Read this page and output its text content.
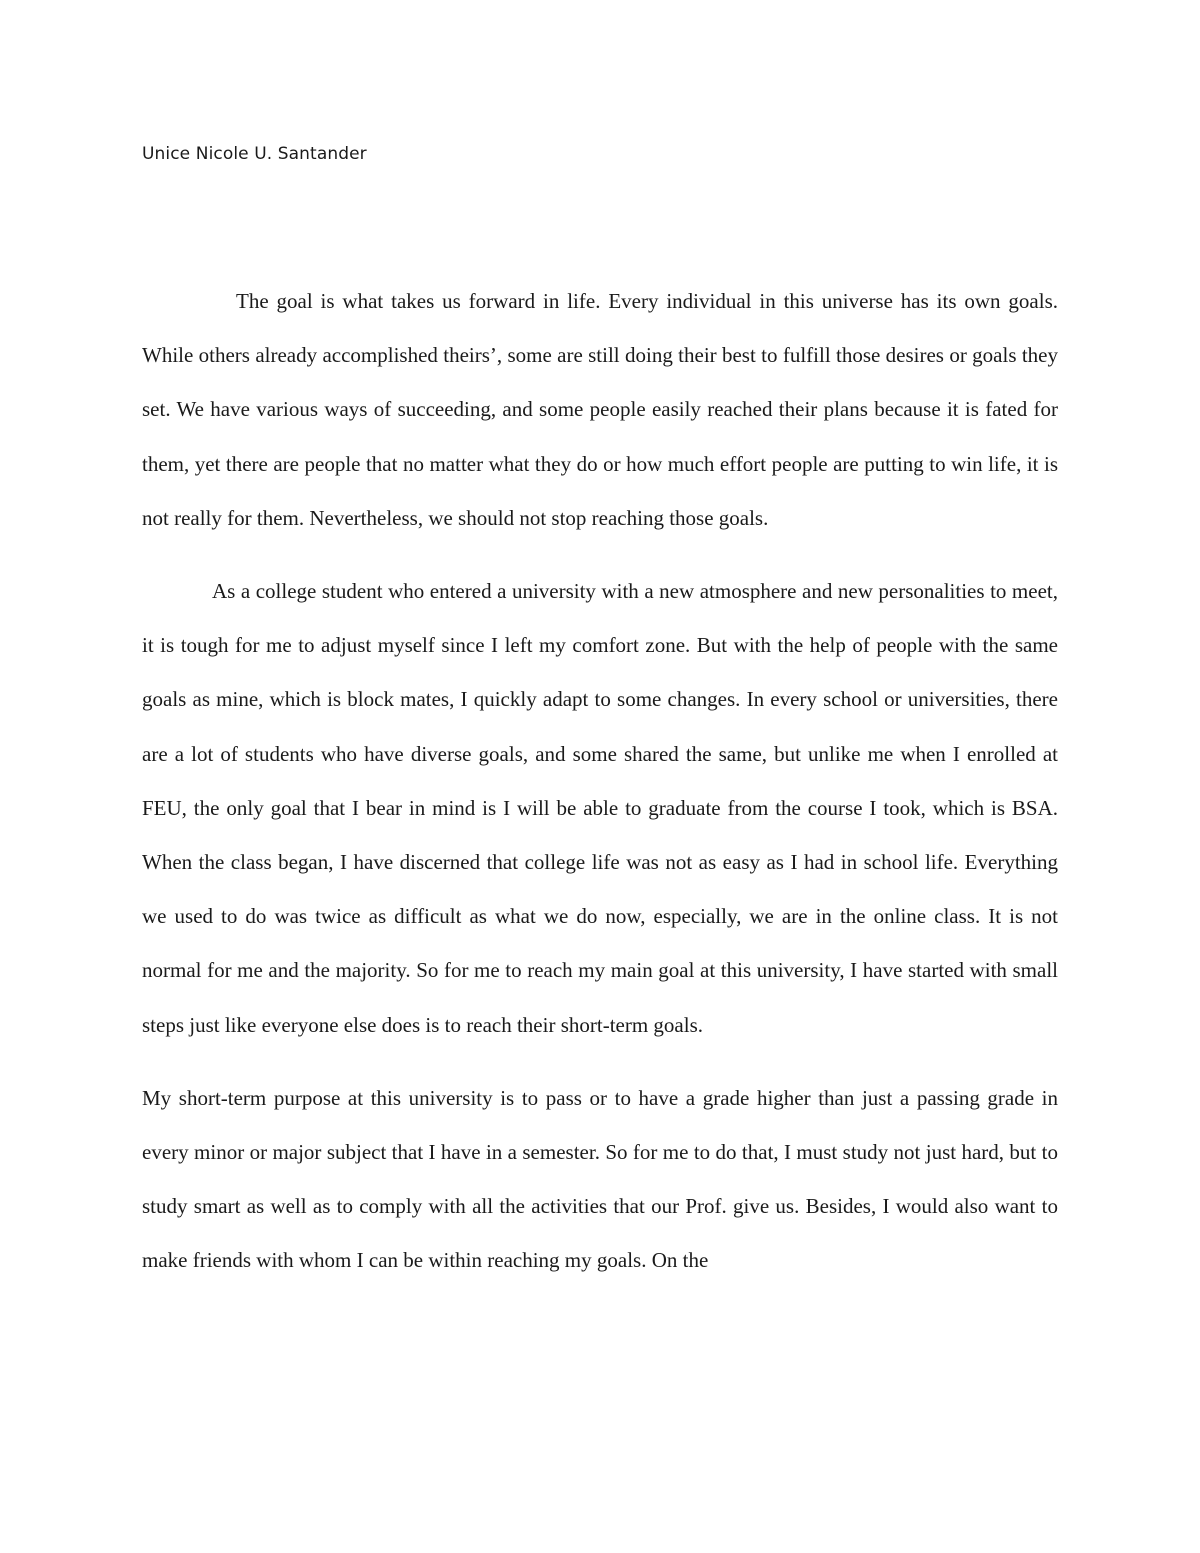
Unice Nicole U. Santander

The goal is what takes us forward in life. Every individual in this universe has its own goals. While others already accomplished theirs’, some are still doing their best to fulfill those desires or goals they set. We have various ways of succeeding, and some people easily reached their plans because it is fated for them, yet there are people that no matter what they do or how much effort people are putting to win life, it is not really for them. Nevertheless, we should not stop reaching those goals.

As a college student who entered a university with a new atmosphere and new personalities to meet, it is tough for me to adjust myself since I left my comfort zone. But with the help of people with the same goals as mine, which is block mates, I quickly adapt to some changes. In every school or universities, there are a lot of students who have diverse goals, and some shared the same, but unlike me when I enrolled at FEU, the only goal that I bear in mind is I will be able to graduate from the course I took, which is BSA. When the class began, I have discerned that college life was not as easy as I had in school life. Everything we used to do was twice as difficult as what we do now, especially, we are in the online class. It is not normal for me and the majority. So for me to reach my main goal at this university, I have started with small steps just like everyone else does is to reach their short-term goals.

My short-term purpose at this university is to pass or to have a grade higher than just a passing grade in every minor or major subject that I have in a semester. So for me to do that, I must study not just hard, but to study smart as well as to comply with all the activities that our Prof. give us. Besides, I would also want to make friends with whom I can be within reaching my goals. On the
